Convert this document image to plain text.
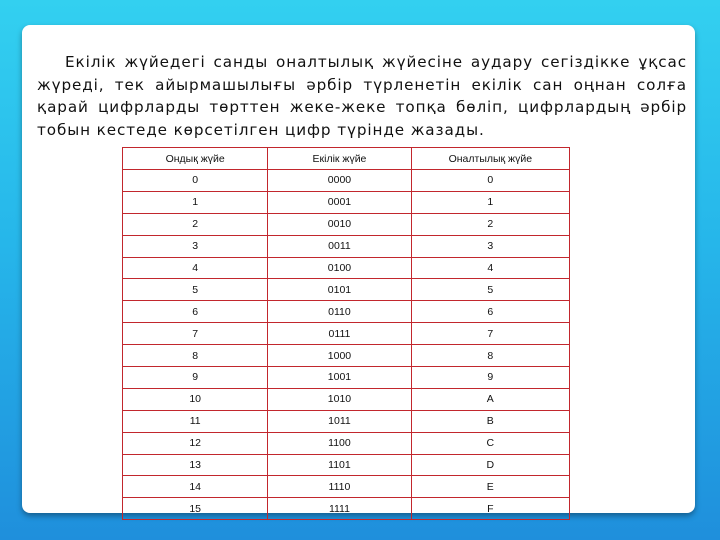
Екілік жүйедегі санды оналтылық жүйесіне аудару сегіздікке ұқсас жүреді, тек айырмашылығы әрбір түрленетін екілік сан оңнан солға қарай цифрларды төрттен жеке-жеке топқа бөліп, цифрлардың әрбір тобын кестеде көрсетілген цифр түрінде жазады.

Ондық жүйе	Екілік жүйе	Оналтылық жүйе
0	0000	0
1	0001	1
2	0010	2
3	0011	3
4	0100	4
5	0101	5
6	0110	6
7	0111	7
8	1000	8
9	1001	9
10	1010	A
11	1011	B
12	1100	C
13	1101	D
14	1110	E
15	1111	F
